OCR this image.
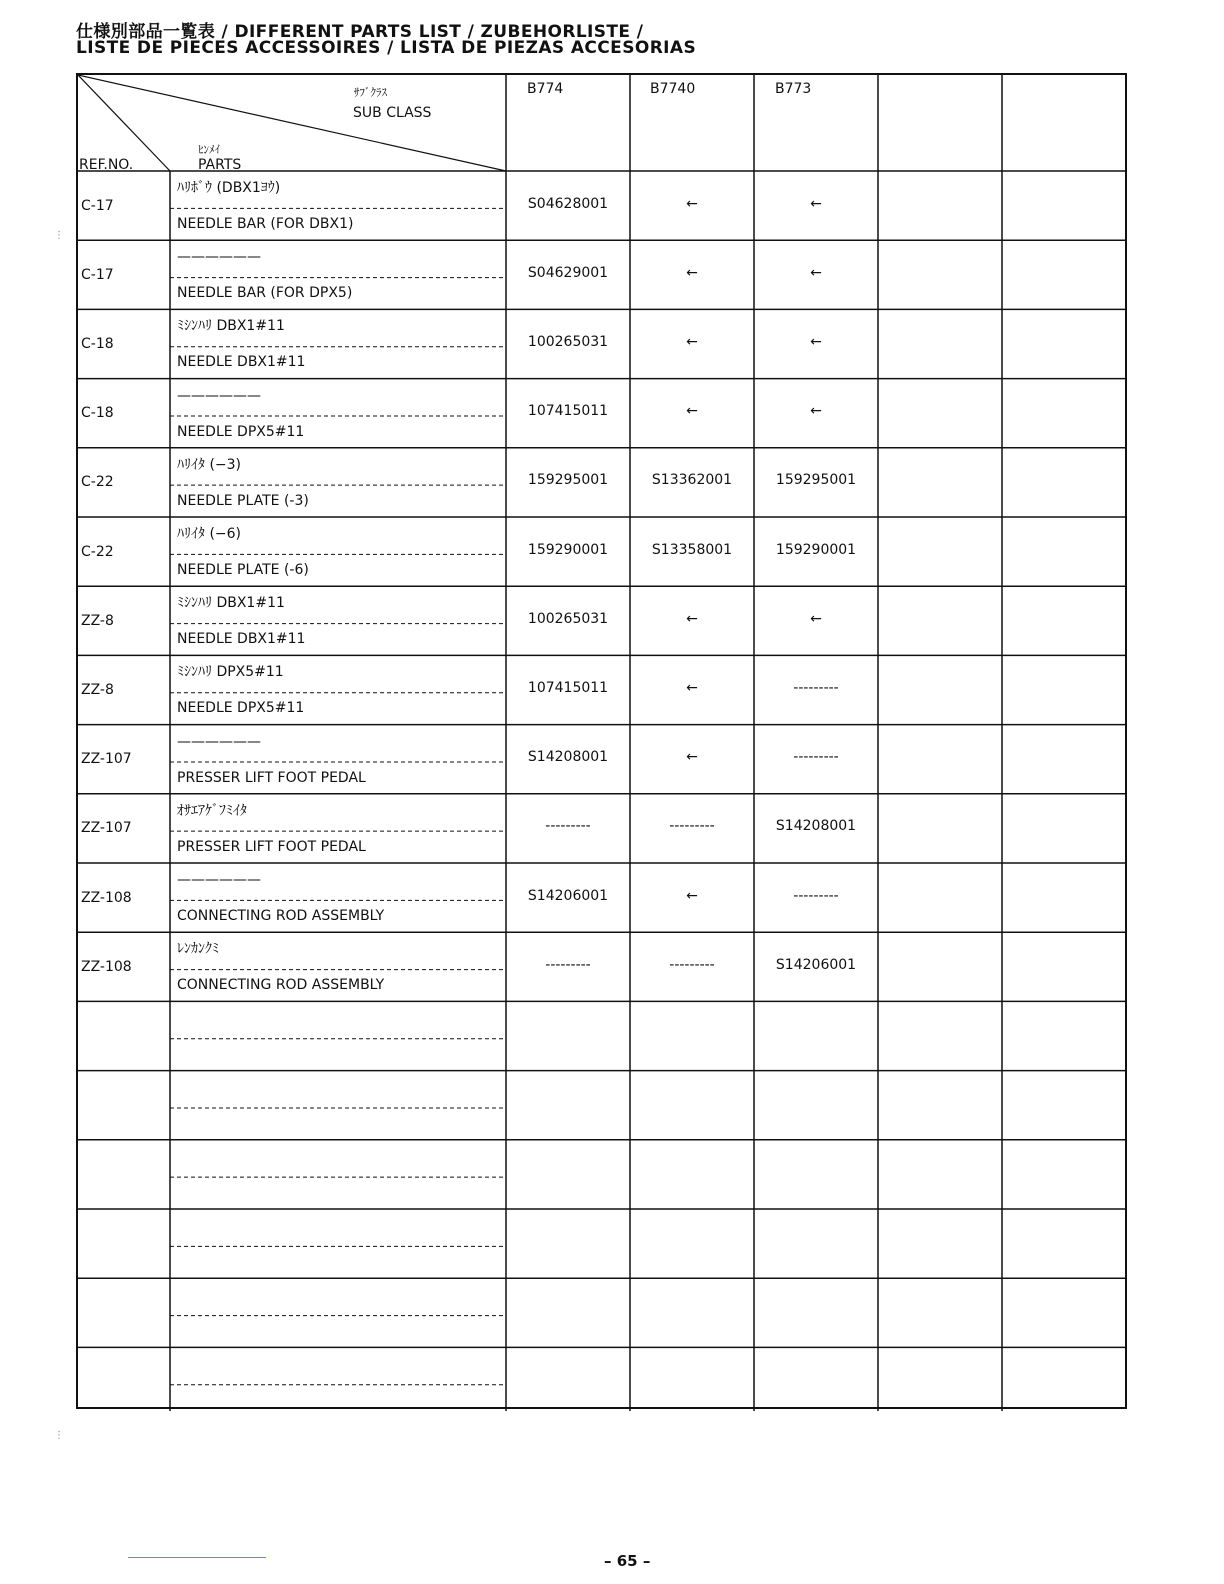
仕様別部品一覧表 / DIFFERENT PARTS LIST / ZUBEHORLISTE /
LISTE DE PIECES ACCESSOIRES / LISTA DE PIEZAS ACCESORIAS
ｻﾌﾞｸﾗｽ
SUB CLASS
ﾋﾝﾒｲ
PARTS
REF.NO.
B774	B7740	B773
C-17
ﾊﾘﾎﾞｳ (DBX1ﾖｳ)
NEEDLE BAR (FOR DBX1)
S04628001	←	←
C-17
——————
NEEDLE BAR (FOR DPX5)
S04629001	←	←
C-18
ﾐｼﾝﾊﾘ DBX1#11
NEEDLE DBX1#11
100265031	←	←
C-18
——————
NEEDLE DPX5#11
107415011	←	←
C-22
ﾊﾘｲﾀ (−3)
NEEDLE PLATE (-3)
159295001	S13362001	159295001
C-22
ﾊﾘｲﾀ (−6)
NEEDLE PLATE (-6)
159290001	S13358001	159290001
ZZ-8
ﾐｼﾝﾊﾘ DBX1#11
NEEDLE DBX1#11
100265031	←	←
ZZ-8
ﾐｼﾝﾊﾘ DPX5#11
NEEDLE DPX5#11
107415011	←	---------
ZZ-107
——————
PRESSER LIFT FOOT PEDAL
S14208001	←	---------
ZZ-107
ｵｻｴｱｹﾞﾌﾐｲﾀ
PRESSER LIFT FOOT PEDAL
---------	---------	S14208001
ZZ-108
——————
CONNECTING ROD ASSEMBLY
S14206001	←	---------
ZZ-108
ﾚﾝｶﾝｸﾐ
CONNECTING ROD ASSEMBLY
---------	---------	S14206001
⋮
⋮
– 65 –
